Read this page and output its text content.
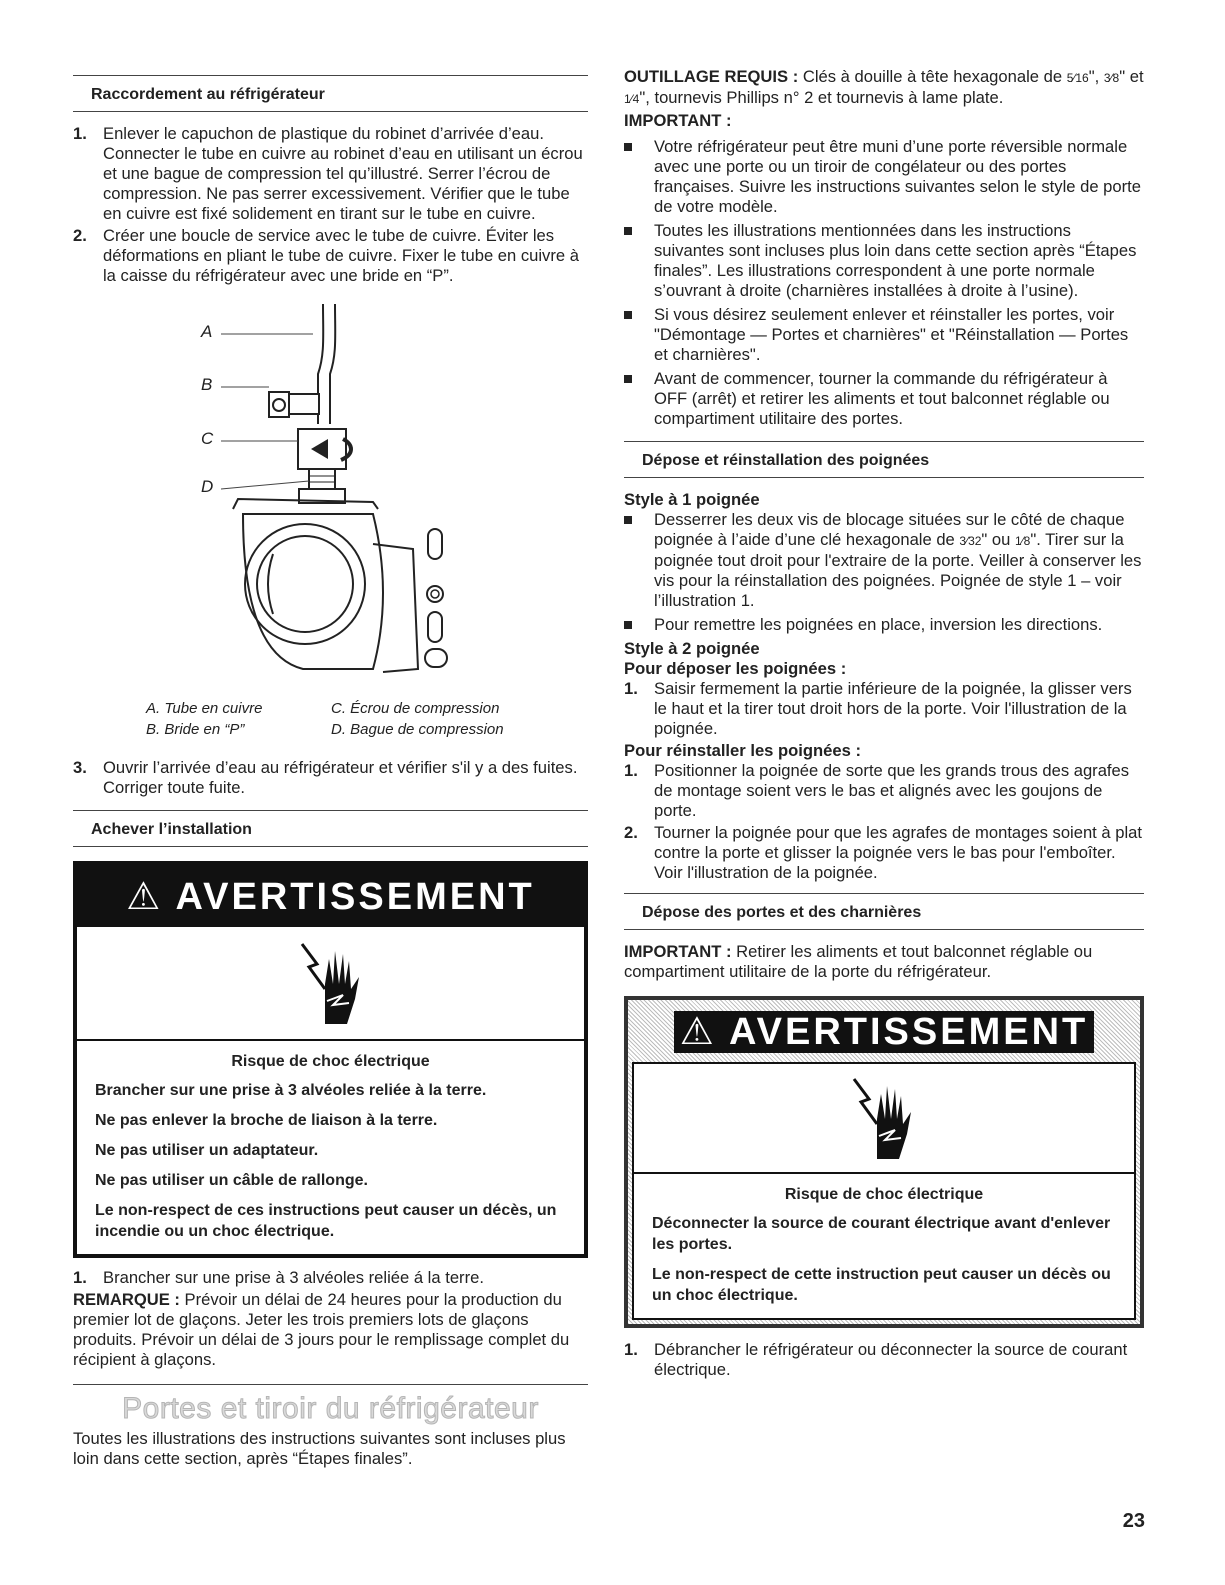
Raccordement au réfrigérateur
1. Enlever le capuchon de plastique du robinet d’arrivée d’eau. Connecter le tube en cuivre au robinet d’eau en utilisant un écrou et une bague de compression tel qu’illustré. Serrer l’écrou de compression. Ne pas serrer excessivement. Vérifier que le tube en cuivre est fixé solidement en tirant sur le tube en cuivre.
2. Créer une boucle de service avec le tube de cuivre. Éviter les déformations en pliant le tube de cuivre. Fixer le tube en cuivre à la caisse du réfrigérateur avec une bride en “P”.
A
B
C
D
A. Tube en cuivre	C. Écrou de compression
B. Bride en “P”	D. Bague de compression
3. Ouvrir l’arrivée d’eau au réfrigérateur et vérifier s'il y a des fuites. Corriger toute fuite.
Achever l’installation
⚠ AVERTISSEMENT
Risque de choc électrique

Brancher sur une prise à 3 alvéoles reliée à la terre.

Ne pas enlever la broche de liaison à la terre.

Ne pas utiliser un adaptateur.

Ne pas utiliser un câble de rallonge.

Le non-respect de ces instructions peut causer un décès, un incendie ou un choc électrique.

1. Brancher sur une prise à 3 alvéoles reliée á la terre.
REMARQUE : Prévoir un délai de 24 heures pour la production du premier lot de glaçons. Jeter les trois premiers lots de glaçons produits. Prévoir un délai de 3 jours pour le remplissage complet du récipient à glaçons.
Portes et tiroir du réfrigérateur
Toutes les illustrations des instructions suivantes sont incluses plus loin dans cette section, après “Étapes finales”.
OUTILLAGE REQUIS : Clés à douille à tête hexagonale de 5⁄16", 3⁄8" et 1⁄4", tournevis Phillips n° 2 et tournevis à lame plate.
IMPORTANT :
Votre réfrigérateur peut être muni d’une porte réversible normale avec une porte ou un tiroir de congélateur ou des portes françaises. Suivre les instructions suivantes selon le style de porte de votre modèle.
Toutes les illustrations mentionnées dans les instructions suivantes sont incluses plus loin dans cette section après “Étapes finales”. Les illustrations correspondent à une porte normale s’ouvrant à droite (charnières installées à droite à l’usine).
Si vous désirez seulement enlever et réinstaller les portes, voir "Démontage — Portes et charnières" et "Réinstallation — Portes et charnières".
Avant de commencer, tourner la commande du réfrigérateur à OFF (arrêt) et retirer les aliments et tout balconnet réglable ou compartiment utilitaire des portes.
Dépose et réinstallation des poignées
Style à 1 poignée
Desserrer les deux vis de blocage situées sur le côté de chaque poignée à l’aide d’une clé hexagonale de 3⁄32" ou 1⁄8". Tirer sur la poignée tout droit pour l'extraire de la porte. Veiller à conserver les vis pour la réinstallation des poignées. Poignée de style 1 – voir l’illustration 1.
Pour remettre les poignées en place, inversion les directions.
Style à 2 poignée
Pour déposer les poignées :
1. Saisir fermement la partie inférieure de la poignée, la glisser vers le haut et la tirer tout droit hors de la porte. Voir l'illustration de la poignée.
Pour réinstaller les poignées :
1. Positionner la poignée de sorte que les grands trous des agrafes de montage soient vers le bas et alignés avec les goujons de porte.
2. Tourner la poignée pour que les agrafes de montages soient à plat contre la porte et glisser la poignée vers le bas pour l'emboîter. Voir l'illustration de la poignée.
Dépose des portes et des charnières
IMPORTANT : Retirer les aliments et tout balconnet réglable ou compartiment utilitaire de la porte du réfrigérateur.
⚠ AVERTISSEMENT
Risque de choc électrique

Déconnecter la source de courant électrique avant d'enlever les portes.

Le non-respect de cette instruction peut causer un décès ou un choc électrique.

1. Débrancher le réfrigérateur ou déconnecter la source de courant électrique.
23
